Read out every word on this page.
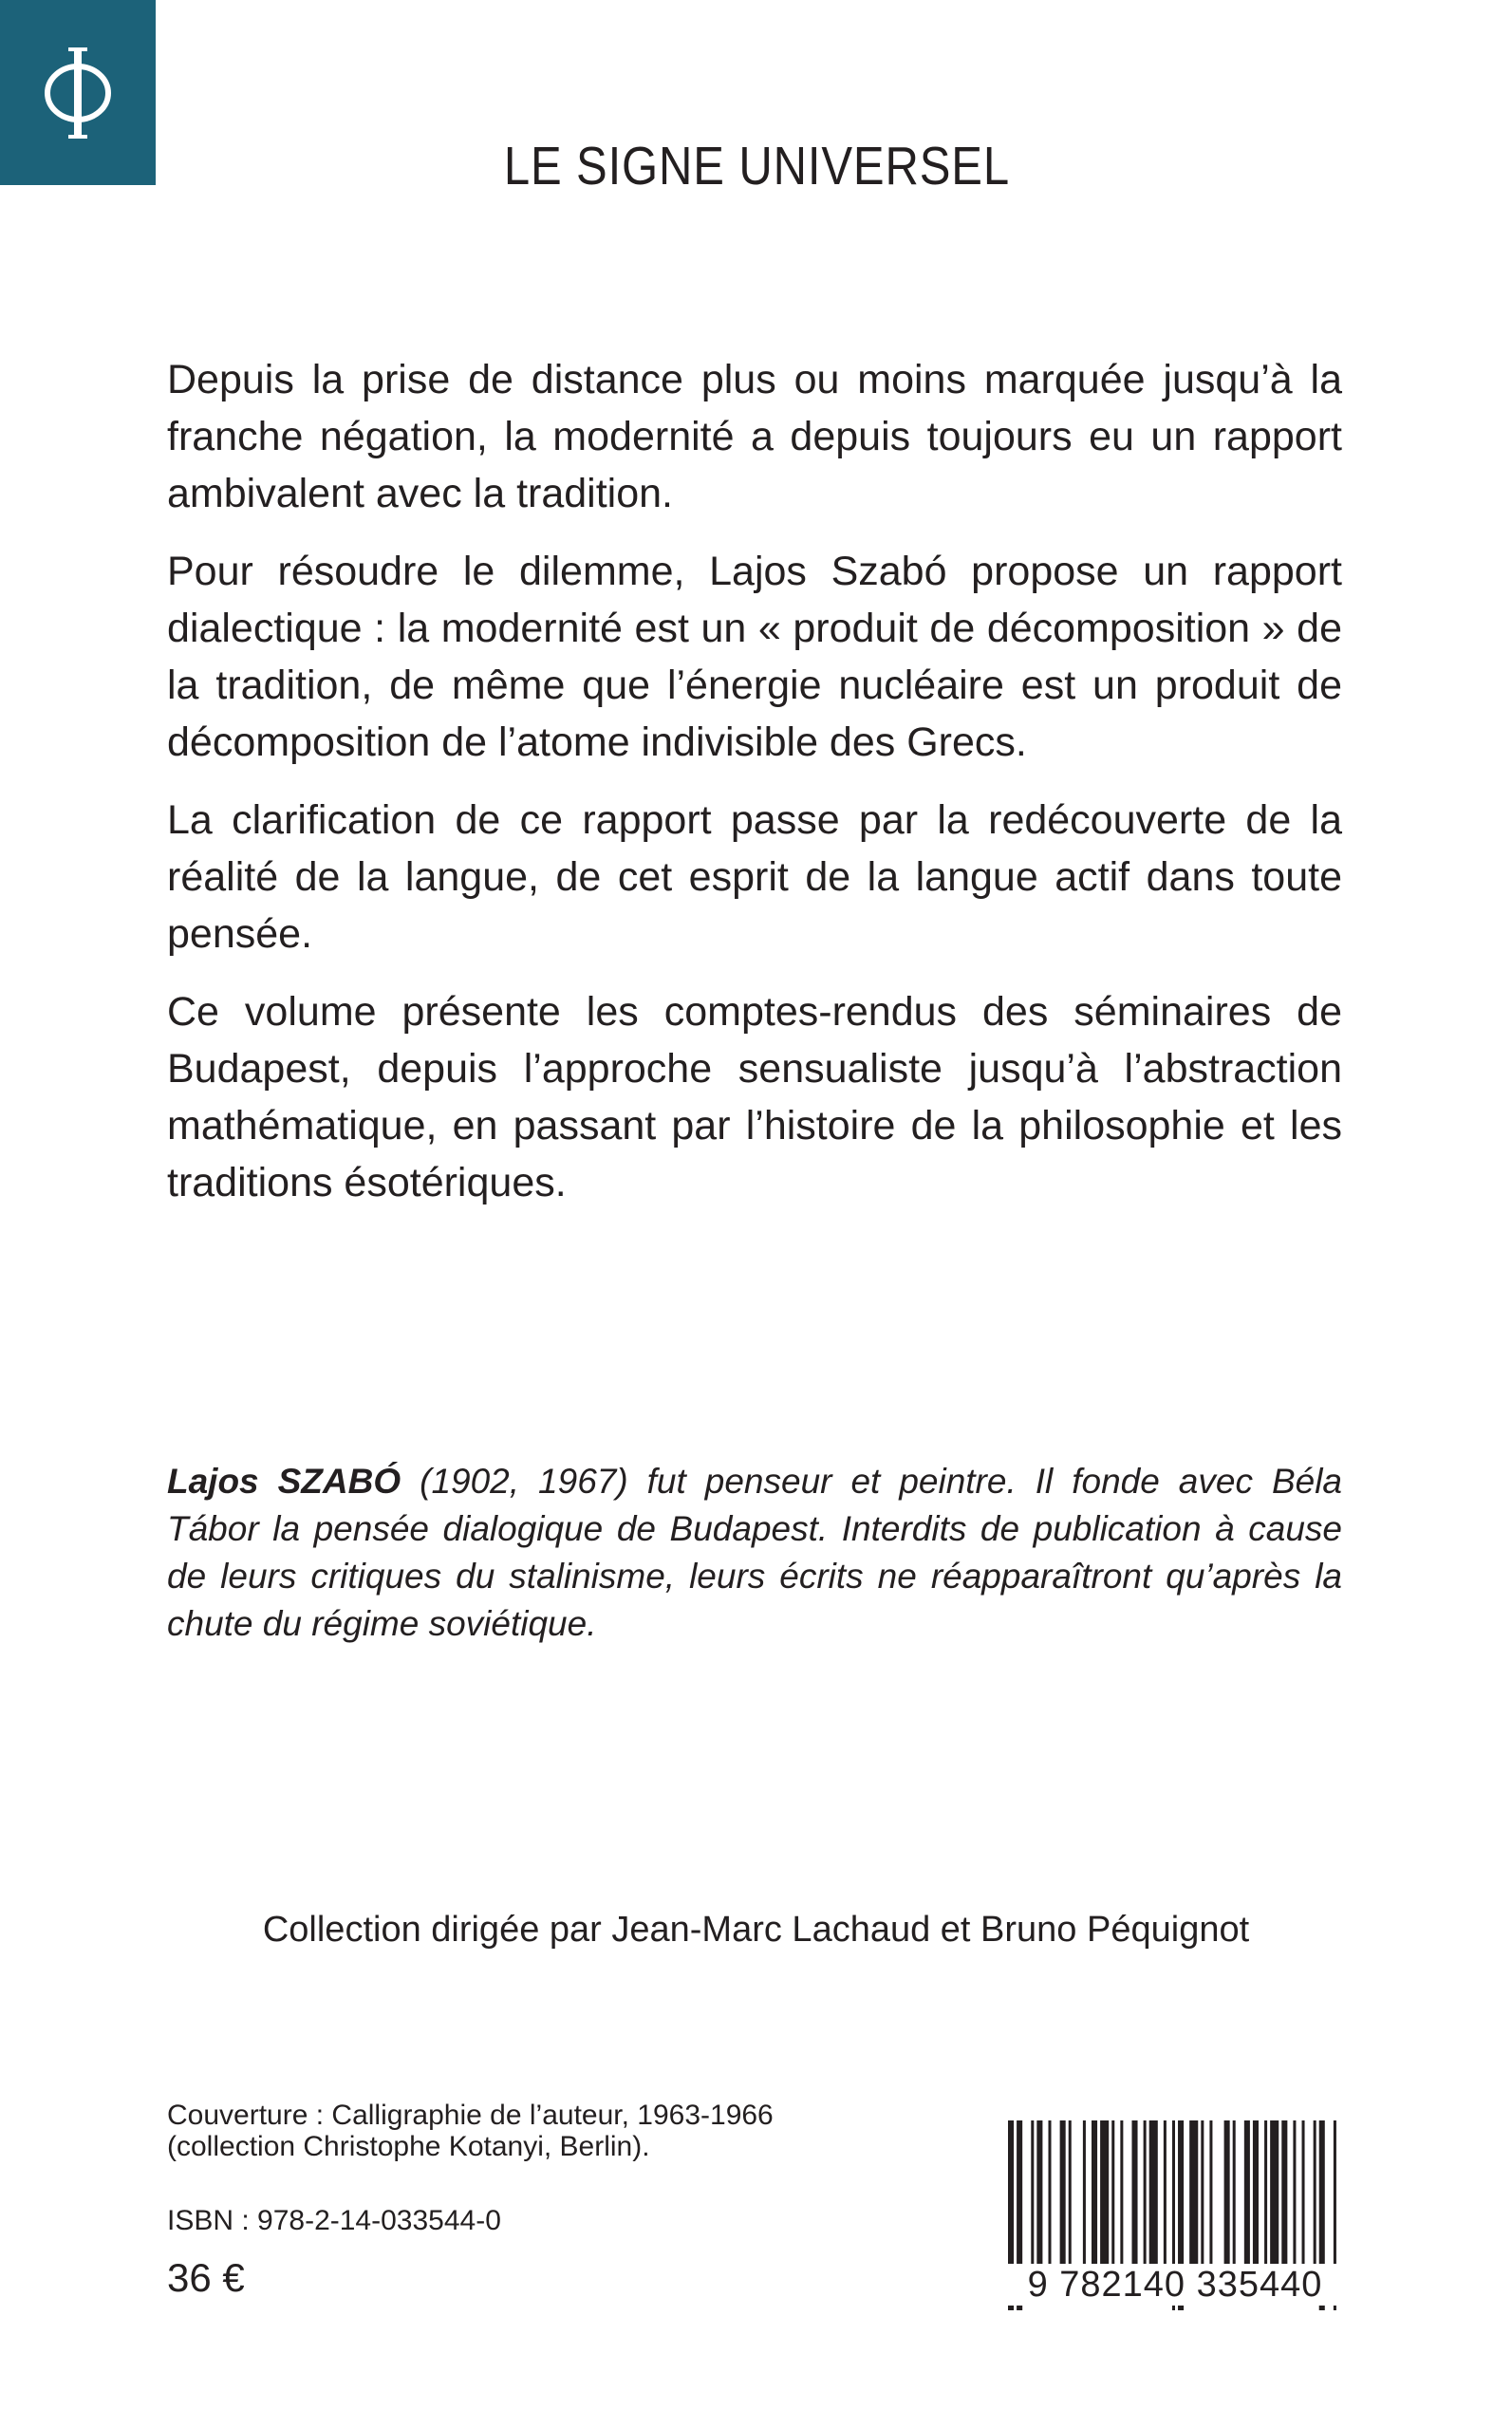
LE SIGNE UNIVERSEL

Depuis la prise de distance plus ou moins marquée jusqu’à la franche négation, la modernité a depuis toujours eu un rapport ambivalent avec la tradition.

Pour résoudre le dilemme, Lajos Szabó propose un rapport dialectique : la modernité est un « produit de décomposition » de la tradition, de même que l’énergie nucléaire est un produit de décomposition de l’atome indivisible des Grecs.

La clarification de ce rapport passe par la redécouverte de la réalité de la langue, de cet esprit de la langue actif dans toute pensée.

Ce volume présente les comptes-rendus des séminaires de Budapest, depuis l’approche sensualiste jusqu’à l’abstraction mathématique, en passant par l’histoire de la philosophie et les traditions ésotériques.

Lajos SZABÓ (1902, 1967) fut penseur et peintre. Il fonde avec Béla Tábor la pensée dialogique de Budapest. Interdits de publication à cause de leurs critiques du stalinisme, leurs écrits ne réapparaîtront qu’après la chute du régime soviétique.
Collection dirigée par Jean-Marc Lachaud et Bruno Péquignot
Couverture : Calligraphie de l’auteur, 1963-1966
(collection Christophe Kotanyi, Berlin).
ISBN : 978-2-14-033544-0
36 €	9 782140 335440
